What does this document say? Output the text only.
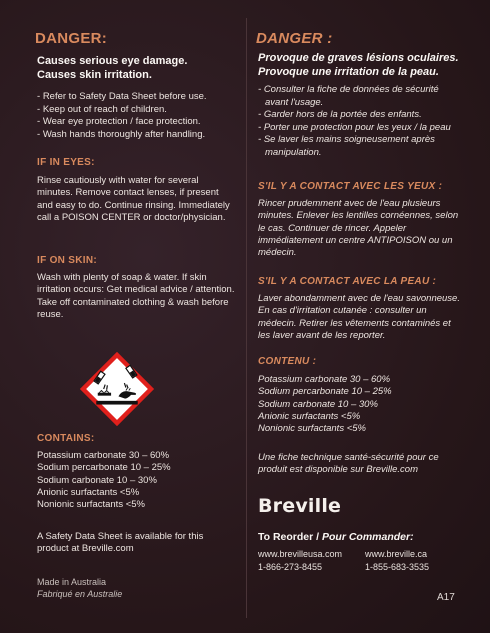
DANGER:
Causes serious eye damage.
Causes skin irritation.
- Refer to Safety Data Sheet before use.
- Keep out of reach of children.
- Wear eye protection / face protection.
- Wash hands thoroughly after handling.
IF IN EYES:

Rinse cautiously with water for several minutes. Remove contact lenses, if present and easy to do. Continue rinsing. Immediately call a POISON CENTER or doctor/physician.

IF ON SKIN:

Wash with plenty of soap & water. If skin irritation occurs: Get medical advice / attention. Take off contaminated clothing & wash before reuse.

CONTAINS:
Potassium carbonate 30 – 60%
Sodium percarbonate 10 – 25%
Sodium carbonate 10 – 30%
Anionic surfactants <5%
Nonionic surfactants <5%

A Safety Data Sheet is available for this product at Breville.com

Made in Australia
Fabriqué en Australie
DANGER :
Provoque de graves lésions oculaires.
Provoque une irritation de la peau.
- Consulter la fiche de données de sécurité avant l'usage.
- Garder hors de la portée des enfants.
- Porter une protection pour les yeux / la peau
- Se laver les mains soigneusement après manipulation.
S'IL Y A CONTACT AVEC LES YEUX :

Rincer prudemment avec de l'eau plusieurs minutes. Enlever les lentilles cornéennes, selon le cas. Continuer de rincer. Appeler immédiatement un centre ANTIPOISON ou un médecin.

S'IL Y A CONTACT AVEC LA PEAU :

Laver abondamment avec de l'eau savonneuse. En cas d'irritation cutanée : consulter un médecin. Retirer les vêtements contaminés et les laver avant de les reporter.

CONTENU :
Potassium carbonate 30 – 60%
Sodium percarbonate 10 – 25%
Sodium carbonate 10 – 30%
Anionic surfactants <5%
Nonionic surfactants <5%

Une fiche technique santé-sécurité pour ce produit est disponible sur Breville.com

Breville
To Reorder / Pour Commander:
www.brevilleusa.com
1-866-273-8455
www.breville.ca
1-855-683-3535
A17
